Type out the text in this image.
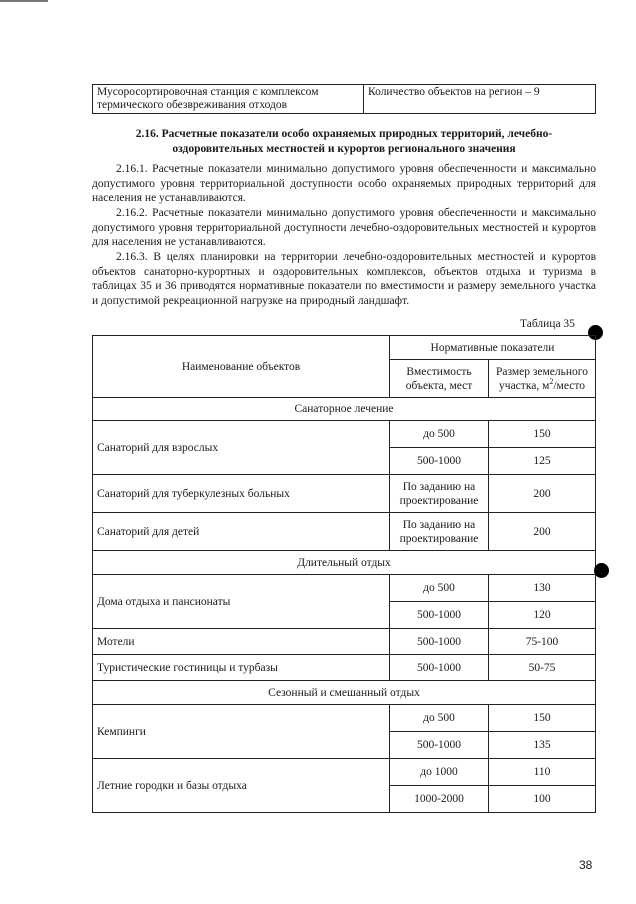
Мусоросортировочная станция с комплексом термического обезвреживания отходов	Количество объектов на регион – 9
2.16. Расчетные показатели особо охраняемых природных территорий, лечебно-оздоровительных местностей и курортов регионального значения

2.16.1. Расчетные показатели минимально допустимого уровня обеспеченности и максимально допустимого уровня территориальной доступности особо охраняемых природных территорий для населения не устанавливаются.

2.16.2. Расчетные показатели минимально допустимого уровня обеспеченности и максимально допустимого уровня территориальной доступности лечебно-оздоровительных местностей и курортов для населения не устанавливаются.

2.16.3. В целях планировки на территории лечебно-оздоровительных местностей и курортов объектов санаторно-курортных и оздоровительных комплексов, объектов отдыха и туризма в таблицах 35 и 36 приводятся нормативные показатели по вместимости и размеру земельного участка и допустимой рекреационной нагрузке на природный ландшафт.

Таблица 35
Наименование объектов	Нормативные показатели	
	Вместимость объекта, мест	Размер земельного участка, $м^2$/место
Санаторное лечение		
Санаторий для взрослых	до 500	150
	500-1000	125
Санаторий для туберкулезных больных	По заданию на проектирование	200
Санаторий для детей	По заданию на проектирование	200
Длительный отдых		
Дома отдыха и пансионаты	до 500	130
	500-1000	120
Мотели	500-1000	75-100
Туристические гостиницы и турбазы	500-1000	50-75
Сезонный и смешанный отдых		
Кемпинги	до 500	150
	500-1000	135
Летние городки и базы отдыха	до 1000	110
	1000-2000	100
38
